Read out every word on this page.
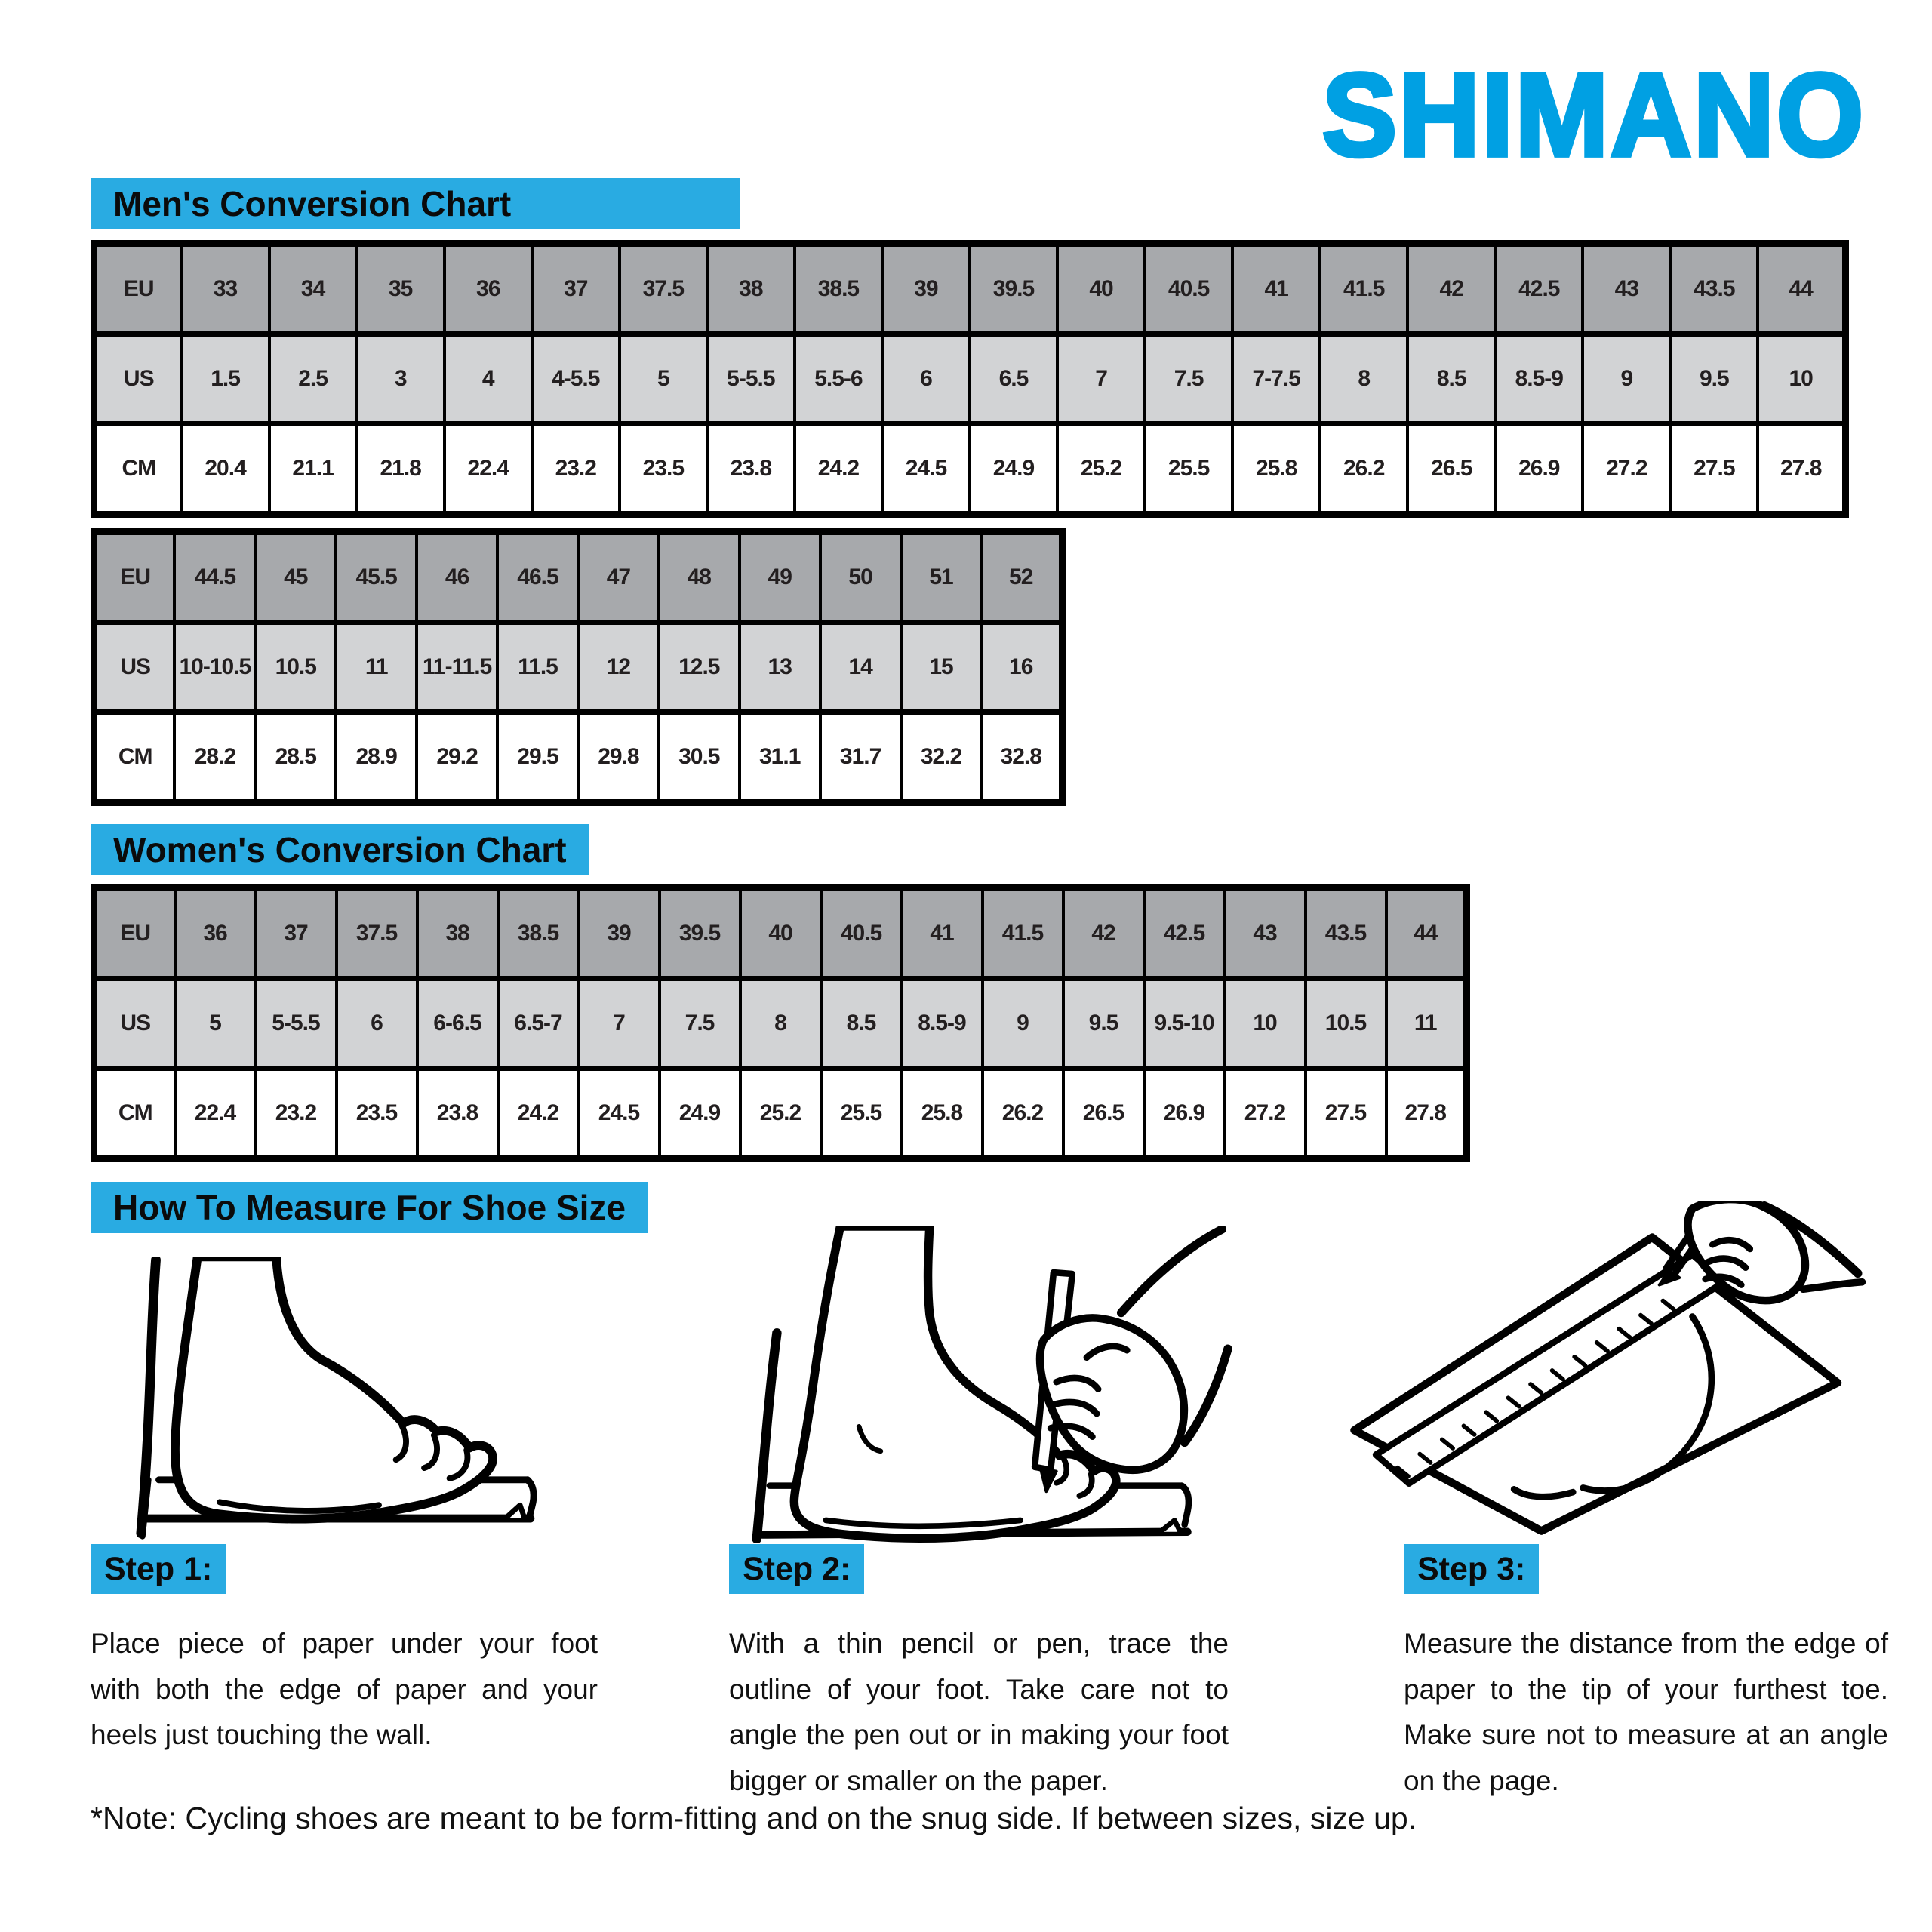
SHIMANO
Men's Conversion Chart
EU	33	34	35	36	37	37.5	38	38.5	39	39.5	40	40.5	41	41.5	42	42.5	43	43.5	44
US	1.5	2.5	3	4	4-5.5	5	5-5.5	5.5-6	6	6.5	7	7.5	7-7.5	8	8.5	8.5-9	9	9.5	10
CM	20.4	21.1	21.8	22.4	23.2	23.5	23.8	24.2	24.5	24.9	25.2	25.5	25.8	26.2	26.5	26.9	27.2	27.5	27.8
EU	44.5	45	45.5	46	46.5	47	48	49	50	51	52
US	10-10.5	10.5	11	11-11.5	11.5	12	12.5	13	14	15	16
CM	28.2	28.5	28.9	29.2	29.5	29.8	30.5	31.1	31.7	32.2	32.8
Women's Conversion Chart
EU	36	37	37.5	38	38.5	39	39.5	40	40.5	41	41.5	42	42.5	43	43.5	44
US	5	5-5.5	6	6-6.5	6.5-7	7	7.5	8	8.5	8.5-9	9	9.5	9.5-10	10	10.5	11
CM	22.4	23.2	23.5	23.8	24.2	24.5	24.9	25.2	25.5	25.8	26.2	26.5	26.9	27.2	27.5	27.8
How To Measure For Shoe Size
Step 1:	Step 2:	Step 3:
Place piece of paper under your foot with both the edge of paper and your heels just touching the wall.
With a thin pencil or pen, trace the outline of your foot. Take care not to angle the pen out or in making your foot bigger or smaller on the paper.
Measure the distance from the edge of paper to the tip of your furthest toe. Make sure not to measure at an angle on the page.
*Note: Cycling shoes are meant to be form-fitting and on the snug side. If between sizes, size up.
